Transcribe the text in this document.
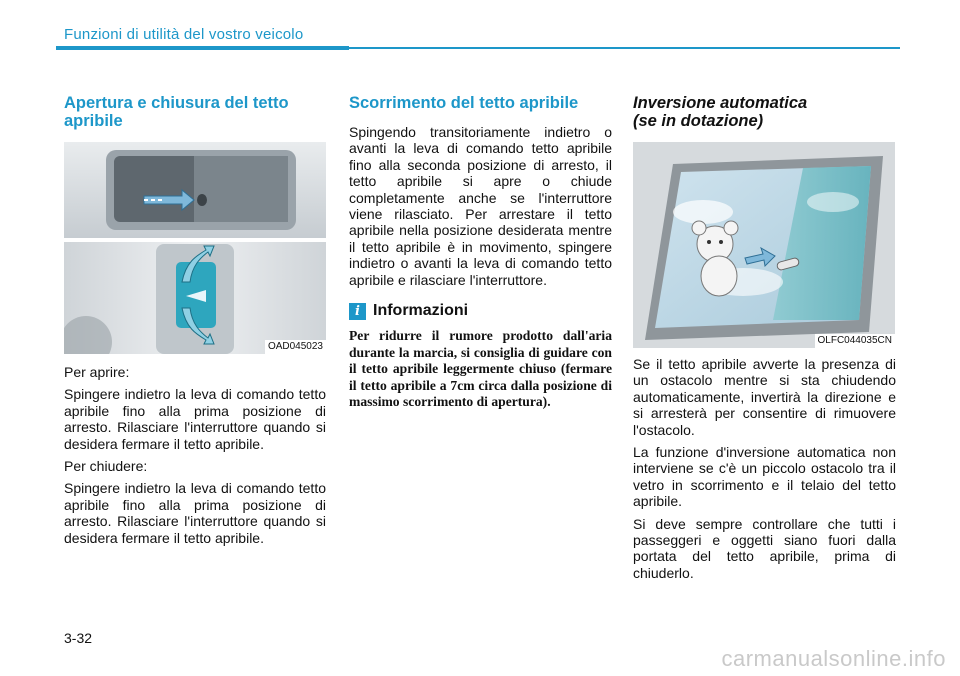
Funzioni di utilità del vostro veicolo
Apertura e chiusura del tetto apribile
OAD045023

Per aprire:

Spingere indietro la leva di comando tetto apribile fino alla prima posizione di arresto. Rilasciare l'interruttore quando si desidera fermare il tetto apribile.

Per chiudere:

Spingere indietro la leva di comando tetto apribile fino alla prima posizione di arresto. Rilasciare l'interruttore quando si desidera fermare il tetto apribile.

Scorrimento del tetto apribile

Spingendo transitoriamente indietro o avanti la leva di comando tetto apribile fino alla seconda posizione di arresto, il tetto apribile si apre o chiude completamente anche se l'interruttore viene rilasciato. Per arrestare il tetto apribile nella posizione desiderata mentre il tetto apribile è in movimento, spingere indietro o avanti la leva di comando tetto apribile e rilasciare l'interruttore.

i Informazioni

Per ridurre il rumore prodotto dall'aria durante la marcia, si consiglia di guidare con il tetto apribile leggermente chiuso (fermare il tetto apribile a 7cm circa dalla posizione di massimo scorrimento di apertura).

Inversione automatica
(se in dotazione)
OLFC044035CN

Se il tetto apribile avverte la presenza di un ostacolo mentre si sta chiudendo automaticamente, invertirà la direzione e si arresterà per consentire di rimuovere l'ostacolo.

La funzione d'inversione automatica non interviene se c'è un piccolo ostacolo tra il vetro in scorrimento e il telaio del tetto apribile.

Si deve sempre controllare che tutti i passeggeri e oggetti siano fuori dalla portata del tetto apribile, prima di chiuderlo.

3-32
carmanualsonline.info
